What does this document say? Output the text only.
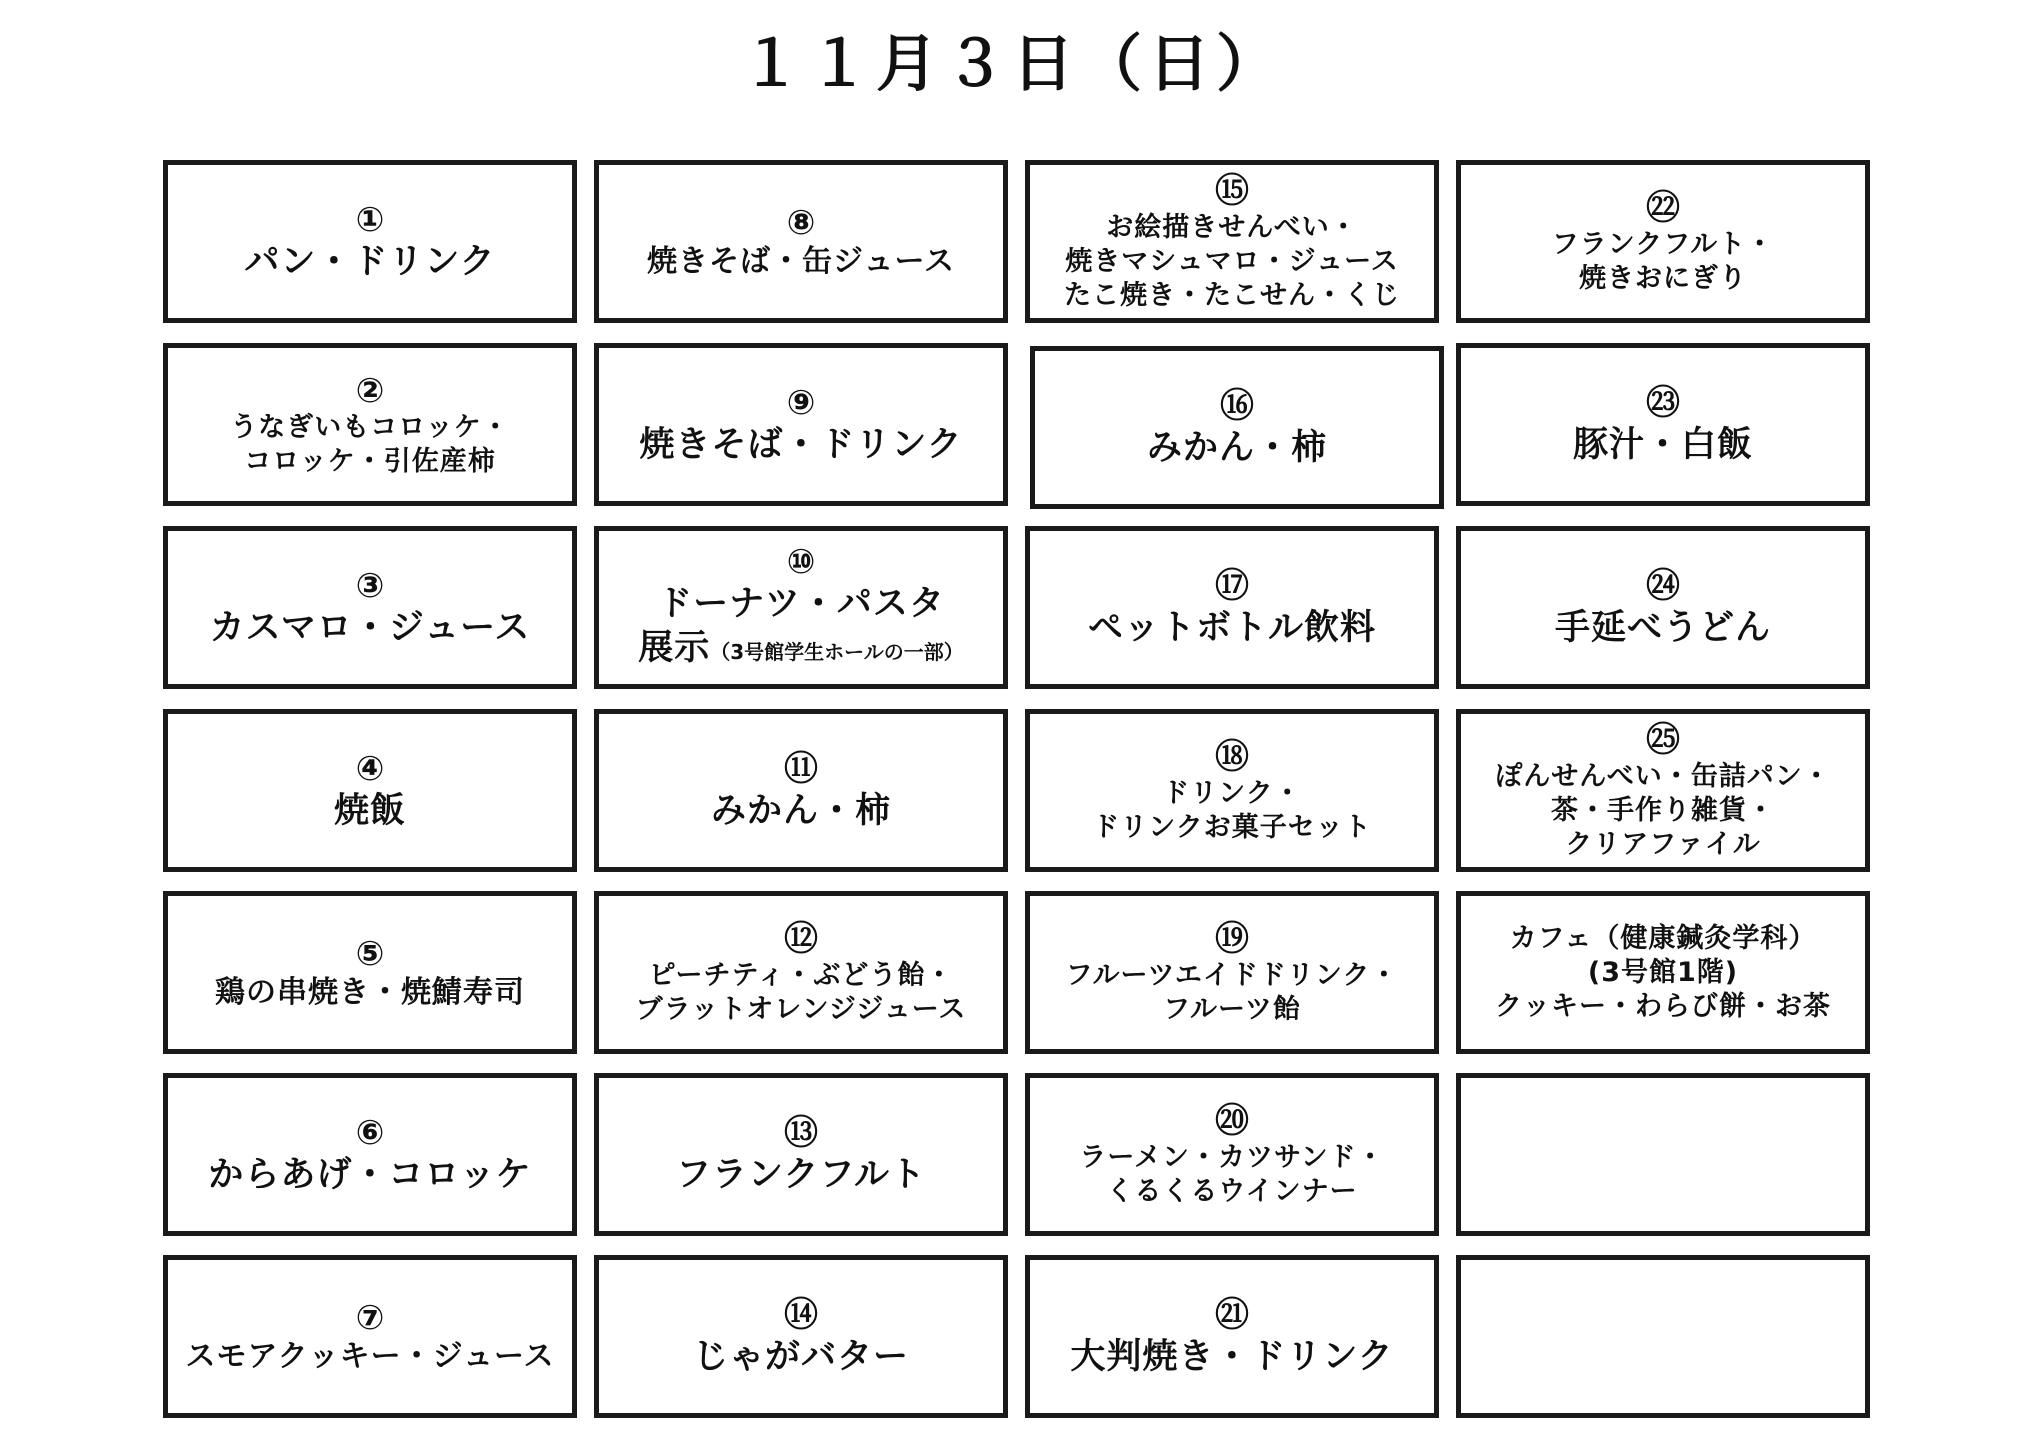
１１月３日（日）
①
パン・ドリンク
②
うなぎいもコロッケ・
コロッケ・引佐産柿
③
カスマロ・ジュース
④
焼飯
⑤
鶏の串焼き・焼鯖寿司
⑥
からあげ・コロッケ
⑦
スモアクッキー・ジュース
⑧
焼きそば・缶ジュース
⑨
焼きそば・ドリンク
⑩
ドーナツ・パスタ
展示（3号館学生ホールの一部）
⑪
みかん・柿
⑫
ピーチティ・ぶどう飴・
ブラットオレンジジュース
⑬
フランクフルト
⑭
じゃがバター
⑮
お絵描きせんべい・
焼きマシュマロ・ジュース
たこ焼き・たこせん・くじ
⑯
みかん・柿
⑰
ペットボトル飲料
⑱
ドリンク・
ドリンクお菓子セット
⑲
フルーツエイドドリンク・
フルーツ飴
⑳
ラーメン・カツサンド・
くるくるウインナー
㉑
大判焼き・ドリンク
㉒
フランクフルト・
焼きおにぎり
㉓
豚汁・白飯
㉔
手延べうどん
㉕
ぽんせんべい・缶詰パン・
茶・手作り雑貨・
クリアファイル
カフェ（健康鍼灸学科）
(3号館1階)
クッキー・わらび餅・お茶
